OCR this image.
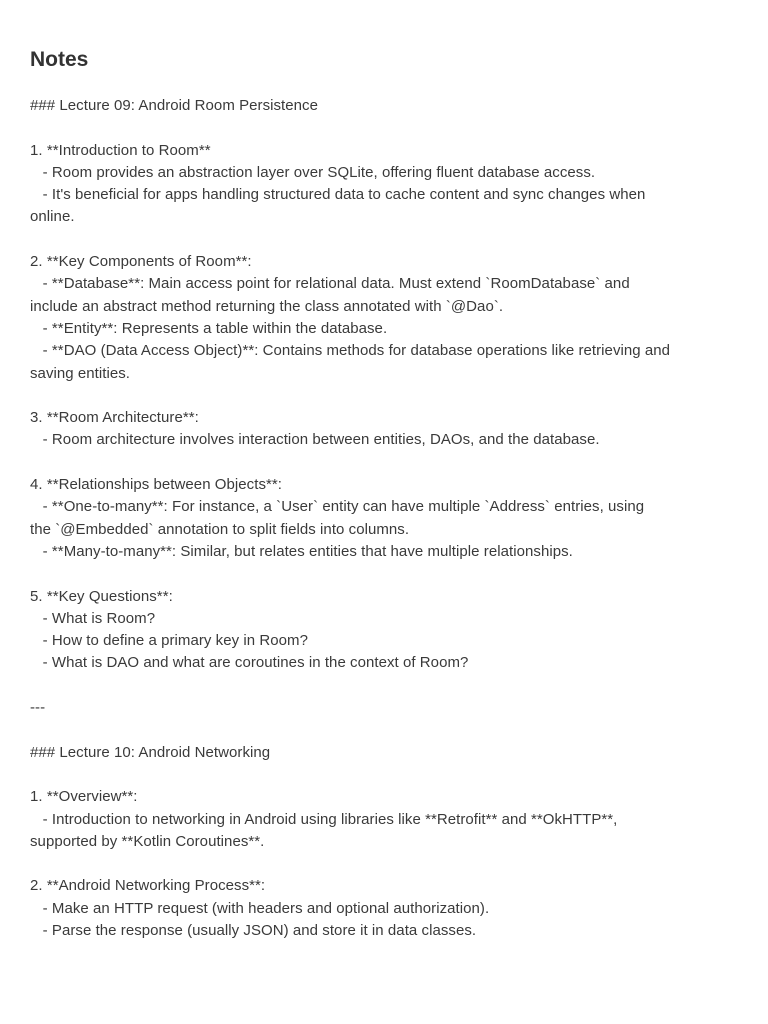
Notes
### Lecture 09: Android Room Persistence
1. **Introduction to Room**
- Room provides an abstraction layer over SQLite, offering fluent database access.
- It's beneficial for apps handling structured data to cache content and sync changes when
online.
2. **Key Components of Room**:
- **Database**: Main access point for relational data. Must extend `RoomDatabase` and
include an abstract method returning the class annotated with `@Dao`.
- **Entity**: Represents a table within the database.
- **DAO (Data Access Object)**: Contains methods for database operations like retrieving and
saving entities.
3. **Room Architecture**:
- Room architecture involves interaction between entities, DAOs, and the database.
4. **Relationships between Objects**:
- **One-to-many**: For instance, a `User` entity can have multiple `Address` entries, using
the `@Embedded` annotation to split fields into columns.
- **Many-to-many**: Similar, but relates entities that have multiple relationships.
5. **Key Questions**:
- What is Room?
- How to define a primary key in Room?
- What is DAO and what are coroutines in the context of Room?
---
### Lecture 10: Android Networking
1. **Overview**:
- Introduction to networking in Android using libraries like **Retrofit** and **OkHTTP**,
supported by **Kotlin Coroutines**.
2. **Android Networking Process**:
- Make an HTTP request (with headers and optional authorization).
- Parse the response (usually JSON) and store it in data classes.
